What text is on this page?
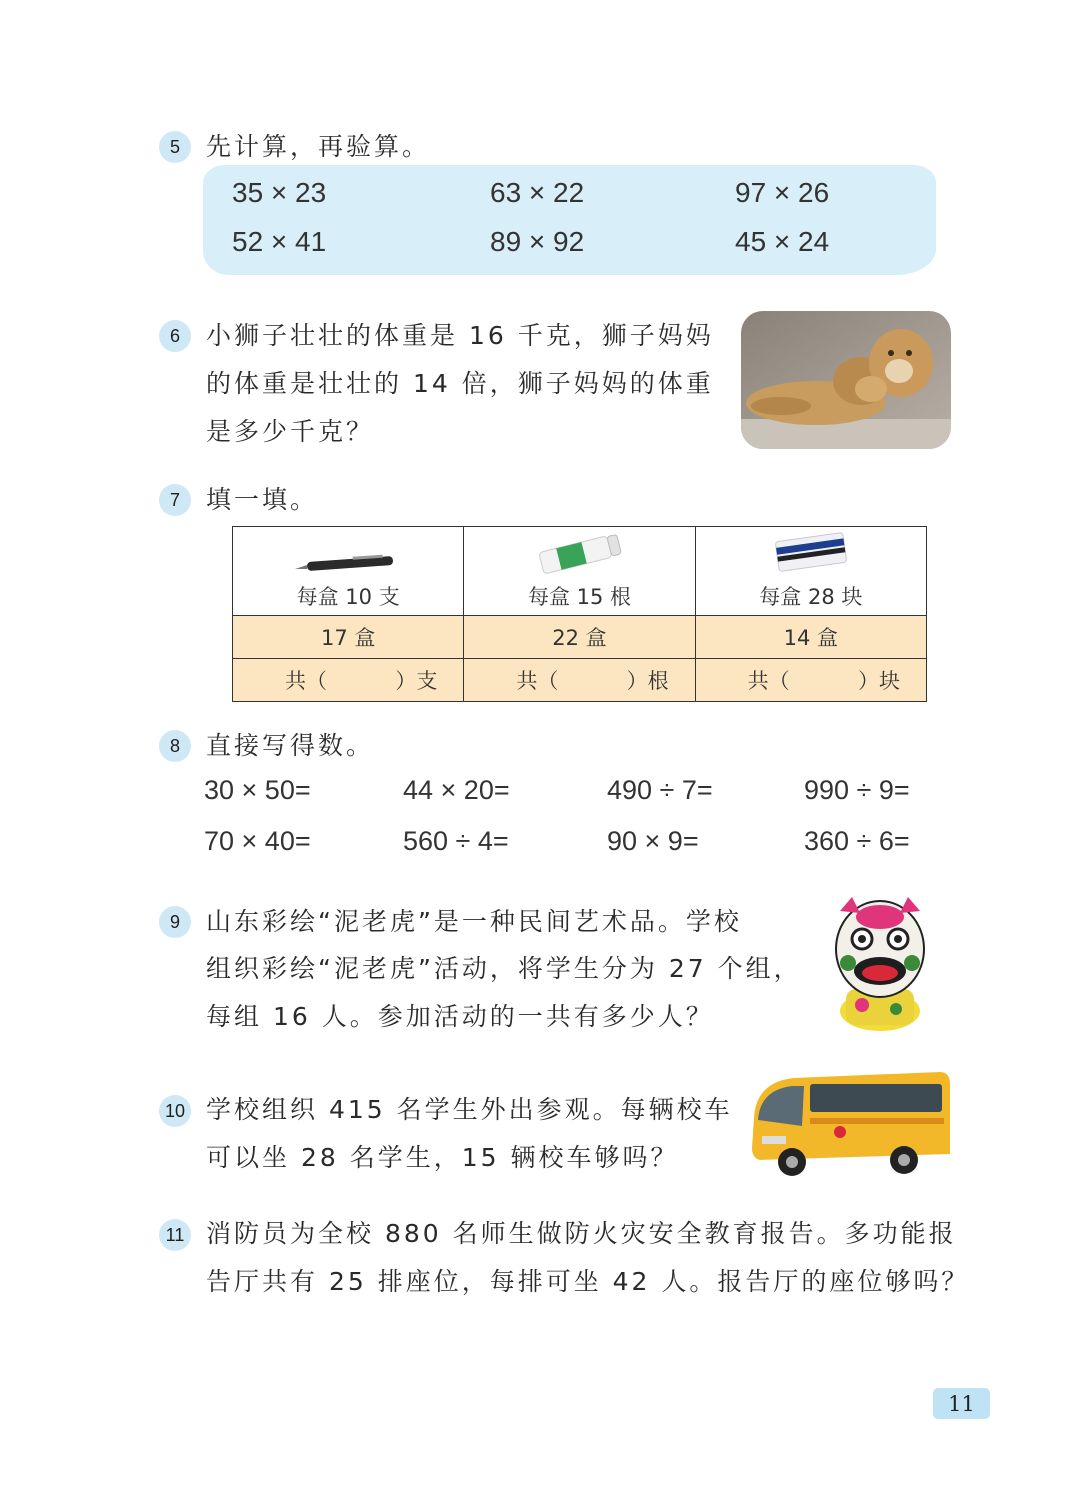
5	先计算，再验算。
35 × 23	63 × 22	97 × 26
52 × 41	89 × 92	45 × 24
6	小狮子壮壮的体重是 16 千克，狮子妈妈
的体重是壮壮的 14 倍，狮子妈妈的体重
是多少千克？
7	填一填。
每盒 10 支	每盒 15 根	每盒 28 块

17 盒	22 盒	14 盒

共（ ）支	共（ ）根	共（ ）块
8	直接写得数。
30 × 50=	44 × 20=	490 ÷ 7=	990 ÷ 9=
70 × 40=	560 ÷ 4=	90 × 9=	360 ÷ 6=
9	山东彩绘“泥老虎”是一种民间艺术品。学校
组织彩绘“泥老虎”活动，将学生分为 27 个组，
每组 16 人。参加活动的一共有多少人？
10 学校组织 415 名学生外出参观。每辆校车
可以坐 28 名学生，15 辆校车够吗？
11 消防员为全校 880 名师生做防火灾安全教育报告。多功能报
告厅共有 25 排座位，每排可坐 42 人。报告厅的座位够吗？
11
